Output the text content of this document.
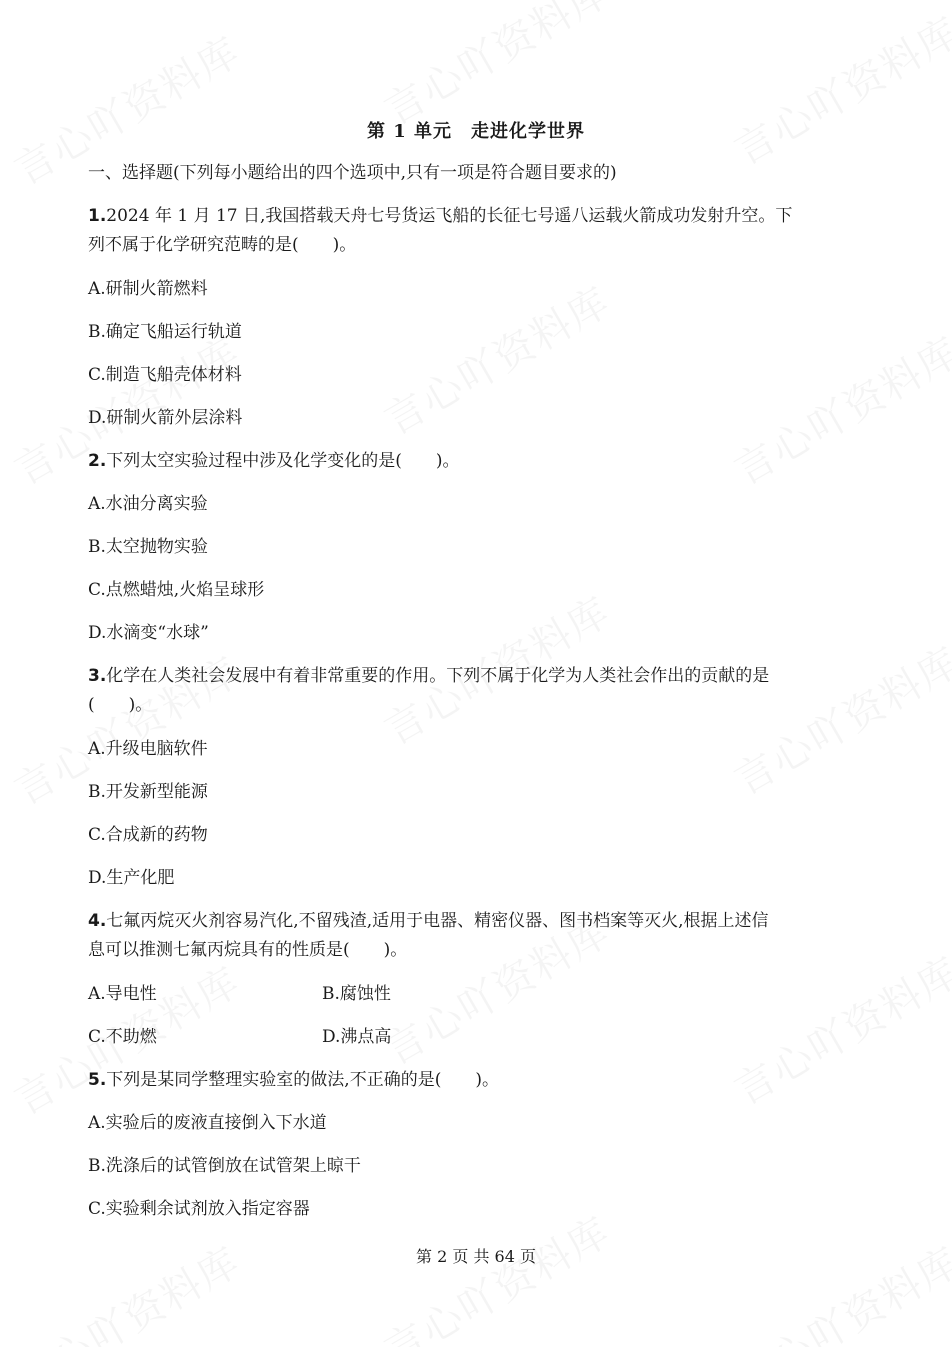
第 1 单元　走进化学世界
一、选择题(下列每小题给出的四个选项中,只有一项是符合题目要求的)
1.2024 年 1 月 17 日,我国搭载天舟七号货运飞船的长征七号遥八运载火箭成功发射升空。下
列不属于化学研究范畴的是(　　)。
A.研制火箭燃料
B.确定飞船运行轨道
C.制造飞船壳体材料
D.研制火箭外层涂料
2.下列太空实验过程中涉及化学变化的是(　　)。
A.水油分离实验
B.太空抛物实验
C.点燃蜡烛,火焰呈球形
D.水滴变“水球”
3.化学在人类社会发展中有着非常重要的作用。下列不属于化学为人类社会作出的贡献的是
(　　)。
A.升级电脑软件
B.开发新型能源
C.合成新的药物
D.生产化肥
4.七氟丙烷灭火剂容易汽化,不留残渣,适用于电器、精密仪器、图书档案等灭火,根据上述信
息可以推测七氟丙烷具有的性质是(　　)。
A.导电性	B.腐蚀性
C.不助燃	D.沸点高
5.下列是某同学整理实验室的做法,不正确的是(　　)。
A.实验后的废液直接倒入下水道
B.洗涤后的试管倒放在试管架上晾干
C.实验剩余试剂放入指定容器
第 2 页 共 64 页
